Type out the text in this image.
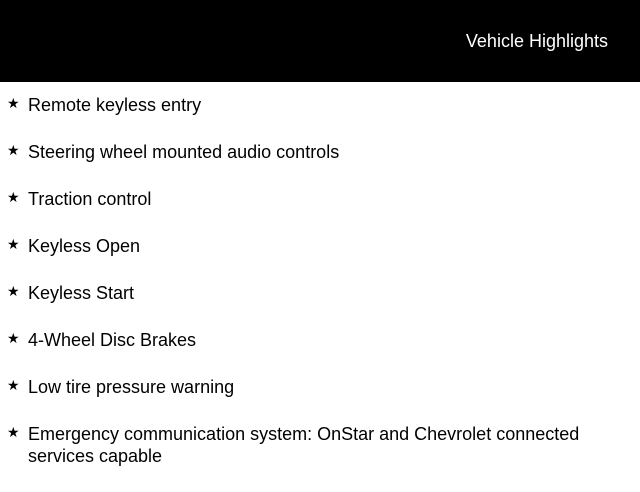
Vehicle Highlights
★ Remote keyless entry
★ Steering wheel mounted audio controls
★ Traction control
★ Keyless Open
★ Keyless Start
★ 4-Wheel Disc Brakes
★ Low tire pressure warning
★ Emergency communication system: OnStar and Chevrolet connected services capable
